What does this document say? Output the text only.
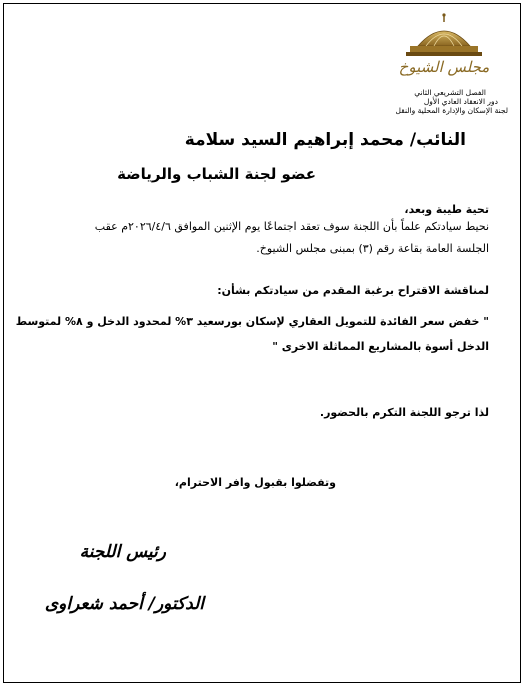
مجلس الشيوخ
الفصل التشريعي الثاني
دور الانعقاد العادي الأول
لجنة الإسكان والإدارة المحلية والنقل
النائب/ محمد إبراهيم السيد سلامة
عضو لجنة الشباب والرياضة
تحية طيبة وبعد،
نحيط سيادتكم علماً بأن اللجنة سوف تعقد اجتماعًا يوم الإثنين الموافق ٢٠٢٦/٤/٦م عقب
الجلسة العامة بقاعة رقم (٣) بمبنى مجلس الشيوخ.
لمناقشة الاقتراح برغبة المقدم من سيادتكم بشأن:
" خفض سعر الفائدة للتمويل العقاري لإسكان بورسعيد ٣% لمحدود الدخل و ٨% لمتوسط
الدخل أسوة بالمشاريع المماثلة الاخرى "
لذا ترجو اللجنة التكرم بالحضور.
وتفضلوا بقبول وافر الاحترام،
رئيس اللجنة
الدكتور/ أحمد شعراوى
